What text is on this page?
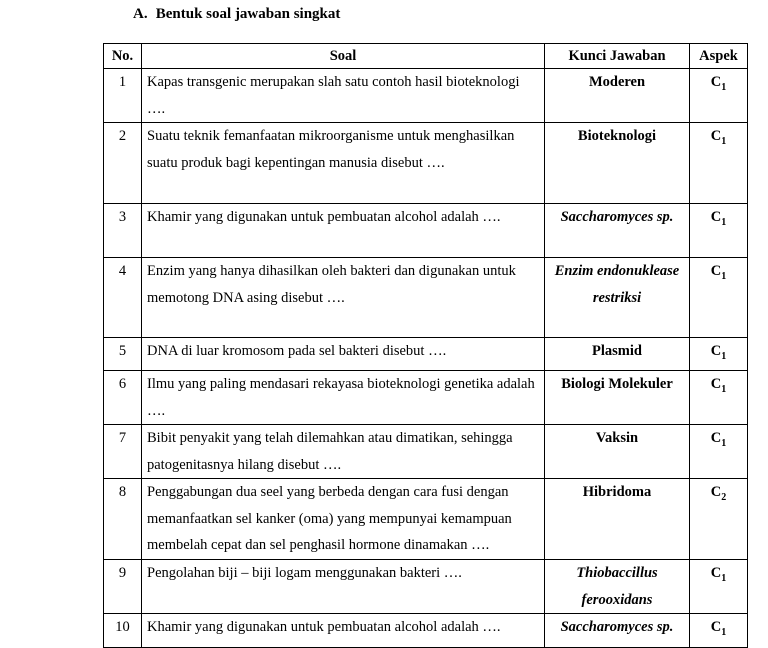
A. Bentuk soal jawaban singkat
No.	Soal	Kunci Jawaban	Aspek
1	Kapas transgenic merupakan slah satu contoh hasil bioteknologi ….	Moderen	$C_1$
2	Suatu teknik femanfaatan mikroorganisme untuk menghasilkan suatu produk bagi kepentingan manusia disebut ….	Bioteknologi	$C_1$
3	Khamir yang digunakan untuk pembuatan alcohol adalah ….	Saccharomyces sp.	$C_1$
4	Enzim yang hanya dihasilkan oleh bakteri dan digunakan untuk memotong DNA asing disebut ….	Enzim endonuklease restriksi	$C_1$
5	DNA di luar kromosom pada sel bakteri disebut ….	Plasmid	$C_1$
6	Ilmu yang paling mendasari rekayasa bioteknologi genetika adalah ….	Biologi Molekuler	$C_1$
7	Bibit penyakit yang telah dilemahkan atau dimatikan, sehingga patogenitasnya hilang disebut ….	Vaksin	$C_1$
8	Penggabungan dua seel yang berbeda dengan cara fusi dengan memanfaatkan sel kanker (oma) yang mempunyai kemampuan membelah cepat dan sel penghasil hormone dinamakan ….	Hibridoma	$C_2$
9	Pengolahan biji – biji logam menggunakan bakteri ….	Thiobaccillus ferooxidans	$C_1$
10	Khamir yang digunakan untuk pembuatan alcohol adalah ….	Saccharomyces sp.	$C_1$
